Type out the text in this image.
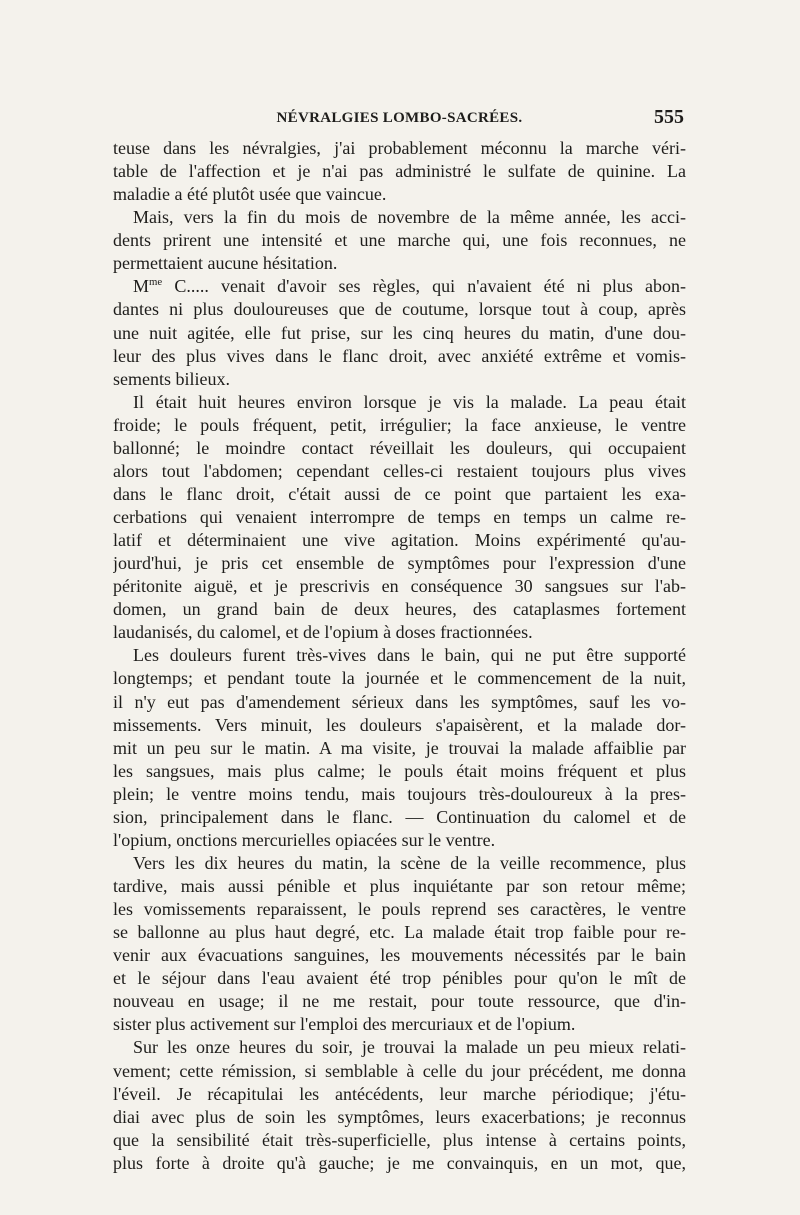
NÉVRALGIES LOMBO-SACRÉES.	555
teuse dans les névralgies, j'ai probablement méconnu la marche véri-
table de l'affection et je n'ai pas administré le sulfate de quinine. La
maladie a été plutôt usée que vaincue.
Mais, vers la fin du mois de novembre de la même année, les acci-
dents prirent une intensité et une marche qui, une fois reconnues, ne
permettaient aucune hésitation.
$M^{me}$ C..... venait d'avoir ses règles, qui n'avaient été ni plus abon-
dantes ni plus douloureuses que de coutume, lorsque tout à coup, après
une nuit agitée, elle fut prise, sur les cinq heures du matin, d'une dou-
leur des plus vives dans le flanc droit, avec anxiété extrême et vomis-
sements bilieux.
Il était huit heures environ lorsque je vis la malade. La peau était
froide; le pouls fréquent, petit, irrégulier; la face anxieuse, le ventre
ballonné; le moindre contact réveillait les douleurs, qui occupaient
alors tout l'abdomen; cependant celles-ci restaient toujours plus vives
dans le flanc droit, c'était aussi de ce point que partaient les exa-
cerbations qui venaient interrompre de temps en temps un calme re-
latif et déterminaient une vive agitation. Moins expérimenté qu'au-
jourd'hui, je pris cet ensemble de symptômes pour l'expression d'une
péritonite aiguë, et je prescrivis en conséquence 30 sangsues sur l'ab-
domen, un grand bain de deux heures, des cataplasmes fortement
laudanisés, du calomel, et de l'opium à doses fractionnées.
Les douleurs furent très-vives dans le bain, qui ne put être supporté
longtemps; et pendant toute la journée et le commencement de la nuit,
il n'y eut pas d'amendement sérieux dans les symptômes, sauf les vo-
missements. Vers minuit, les douleurs s'apaisèrent, et la malade dor-
mit un peu sur le matin. A ma visite, je trouvai la malade affaiblie par
les sangsues, mais plus calme; le pouls était moins fréquent et plus
plein; le ventre moins tendu, mais toujours très-douloureux à la pres-
sion, principalement dans le flanc. — Continuation du calomel et de
l'opium, onctions mercurielles opiacées sur le ventre.
Vers les dix heures du matin, la scène de la veille recommence, plus
tardive, mais aussi pénible et plus inquiétante par son retour même;
les vomissements reparaissent, le pouls reprend ses caractères, le ventre
se ballonne au plus haut degré, etc. La malade était trop faible pour re-
venir aux évacuations sanguines, les mouvements nécessités par le bain
et le séjour dans l'eau avaient été trop pénibles pour qu'on le mît de
nouveau en usage; il ne me restait, pour toute ressource, que d'in-
sister plus activement sur l'emploi des mercuriaux et de l'opium.
Sur les onze heures du soir, je trouvai la malade un peu mieux relati-
vement; cette rémission, si semblable à celle du jour précédent, me donna
l'éveil. Je récapitulai les antécédents, leur marche périodique; j'étu-
diai avec plus de soin les symptômes, leurs exacerbations; je reconnus
que la sensibilité était très-superficielle, plus intense à certains points,
plus forte à droite qu'à gauche; je me convainquis, en un mot, que,
